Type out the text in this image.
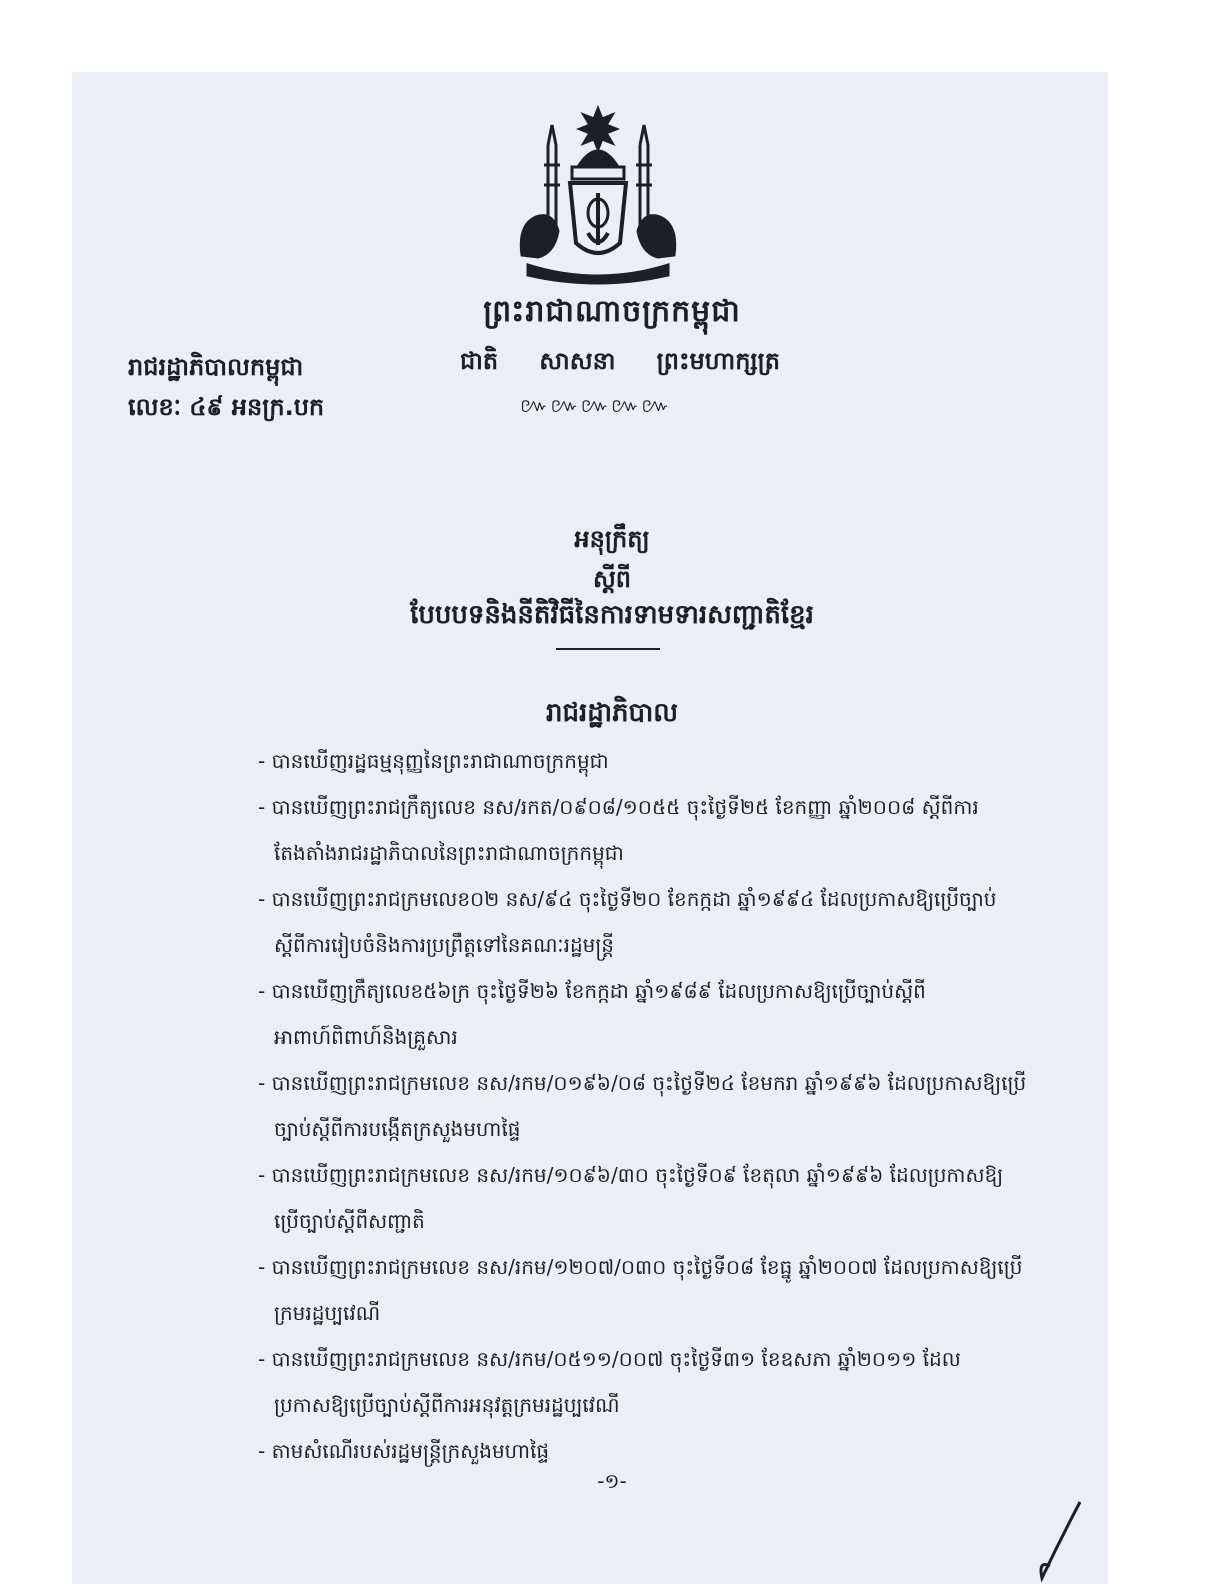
ព្រះរាជាណាចក្រកម្ពុជា
ជាតិ សាសនា ព្រះមហាក្សត្រ
៚៚៚៚៚
រាជរដ្ឋាភិបាលកម្ពុជា
លេខៈ ៤៩ អនក្រ.បក
អនុក្រឹត្យ
ស្តីពី
បែបបទនិងនីតិវិធីនៃការទាមទារសញ្ជាតិខ្មែរ
រាជរដ្ឋាភិបាល
- បានឃើញរដ្ឋធម្មនុញ្ញនៃព្រះរាជាណាចក្រកម្ពុជា
- បានឃើញព្រះរាជក្រឹត្យលេខ នស/រកត/០៩០៨/១០៥៥ ចុះថ្ងៃទី២៥ ខែកញ្ញា ឆ្នាំ២០០៨ ស្តីពីការតែងតាំងរាជរដ្ឋាភិបាលនៃព្រះរាជាណាចក្រកម្ពុជា
- បានឃើញព្រះរាជក្រមលេខ០២ នស/៩៤ ចុះថ្ងៃទី២០ ខែកក្កដា ឆ្នាំ១៩៩៤ ដែលប្រកាសឱ្យប្រើច្បាប់ស្តីពីការរៀបចំនិងការប្រព្រឹត្តទៅនៃគណៈរដ្ឋមន្ត្រី
- បានឃើញក្រឹត្យលេខ៥៦ក្រ ចុះថ្ងៃទី២៦ ខែកក្កដា ឆ្នាំ១៩៨៩ ដែលប្រកាសឱ្យប្រើច្បាប់ស្តីពីអាពាហ៍ពិពាហ៍និងគ្រួសារ
- បានឃើញព្រះរាជក្រមលេខ នស/រកម/០១៩៦/០៨ ចុះថ្ងៃទី២៤ ខែមករា ឆ្នាំ១៩៩៦ ដែលប្រកាសឱ្យប្រើច្បាប់ស្តីពីការបង្កើតក្រសួងមហាផ្ទៃ
- បានឃើញព្រះរាជក្រមលេខ នស/រកម/១០៩៦/៣០ ចុះថ្ងៃទី០៩ ខែតុលា ឆ្នាំ១៩៩៦ ដែលប្រកាសឱ្យប្រើច្បាប់ស្តីពីសញ្ជាតិ
- បានឃើញព្រះរាជក្រមលេខ នស/រកម/១២០៧/០៣០ ចុះថ្ងៃទី០៨ ខែធ្នូ ឆ្នាំ២០០៧ ដែលប្រកាសឱ្យប្រើក្រមរដ្ឋប្បវេណី
- បានឃើញព្រះរាជក្រមលេខ នស/រកម/០៥១១/០០៧ ចុះថ្ងៃទី៣១ ខែឧសភា ឆ្នាំ២០១១ ដែលប្រកាសឱ្យប្រើច្បាប់ស្តីពីការអនុវត្តក្រមរដ្ឋប្បវេណី
- តាមសំណើរបស់រដ្ឋមន្ត្រីក្រសួងមហាផ្ទៃ
-១-
